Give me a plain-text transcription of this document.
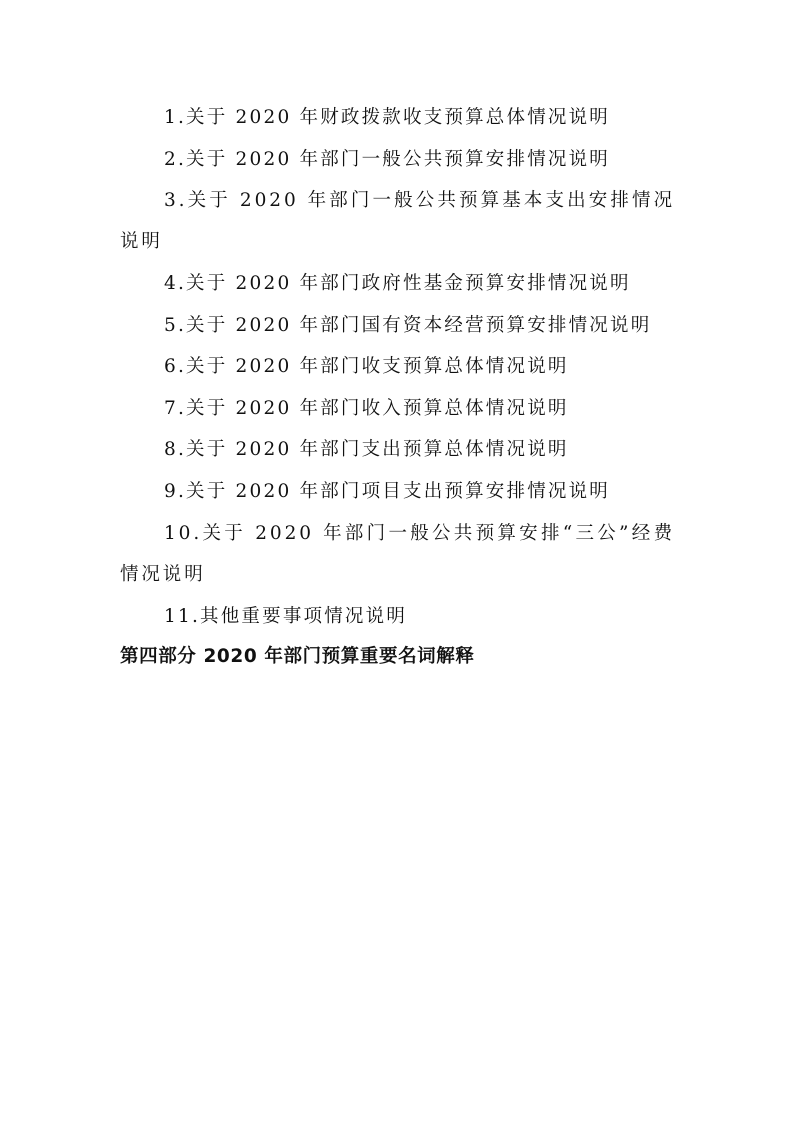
1.关于 2020 年财政拨款收支预算总体情况说明

2.关于 2020 年部门一般公共预算安排情况说明

3.关于 2020 年部门一般公共预算基本支出安排情况说明

4.关于 2020 年部门政府性基金预算安排情况说明

5.关于 2020 年部门国有资本经营预算安排情况说明

6.关于 2020 年部门收支预算总体情况说明

7.关于 2020 年部门收入预算总体情况说明

8.关于 2020 年部门支出预算总体情况说明

9.关于 2020 年部门项目支出预算安排情况说明

10.关于 2020 年部门一般公共预算安排“三公”经费情况说明

11.其他重要事项情况说明

第四部分 2020 年部门预算重要名词解释
